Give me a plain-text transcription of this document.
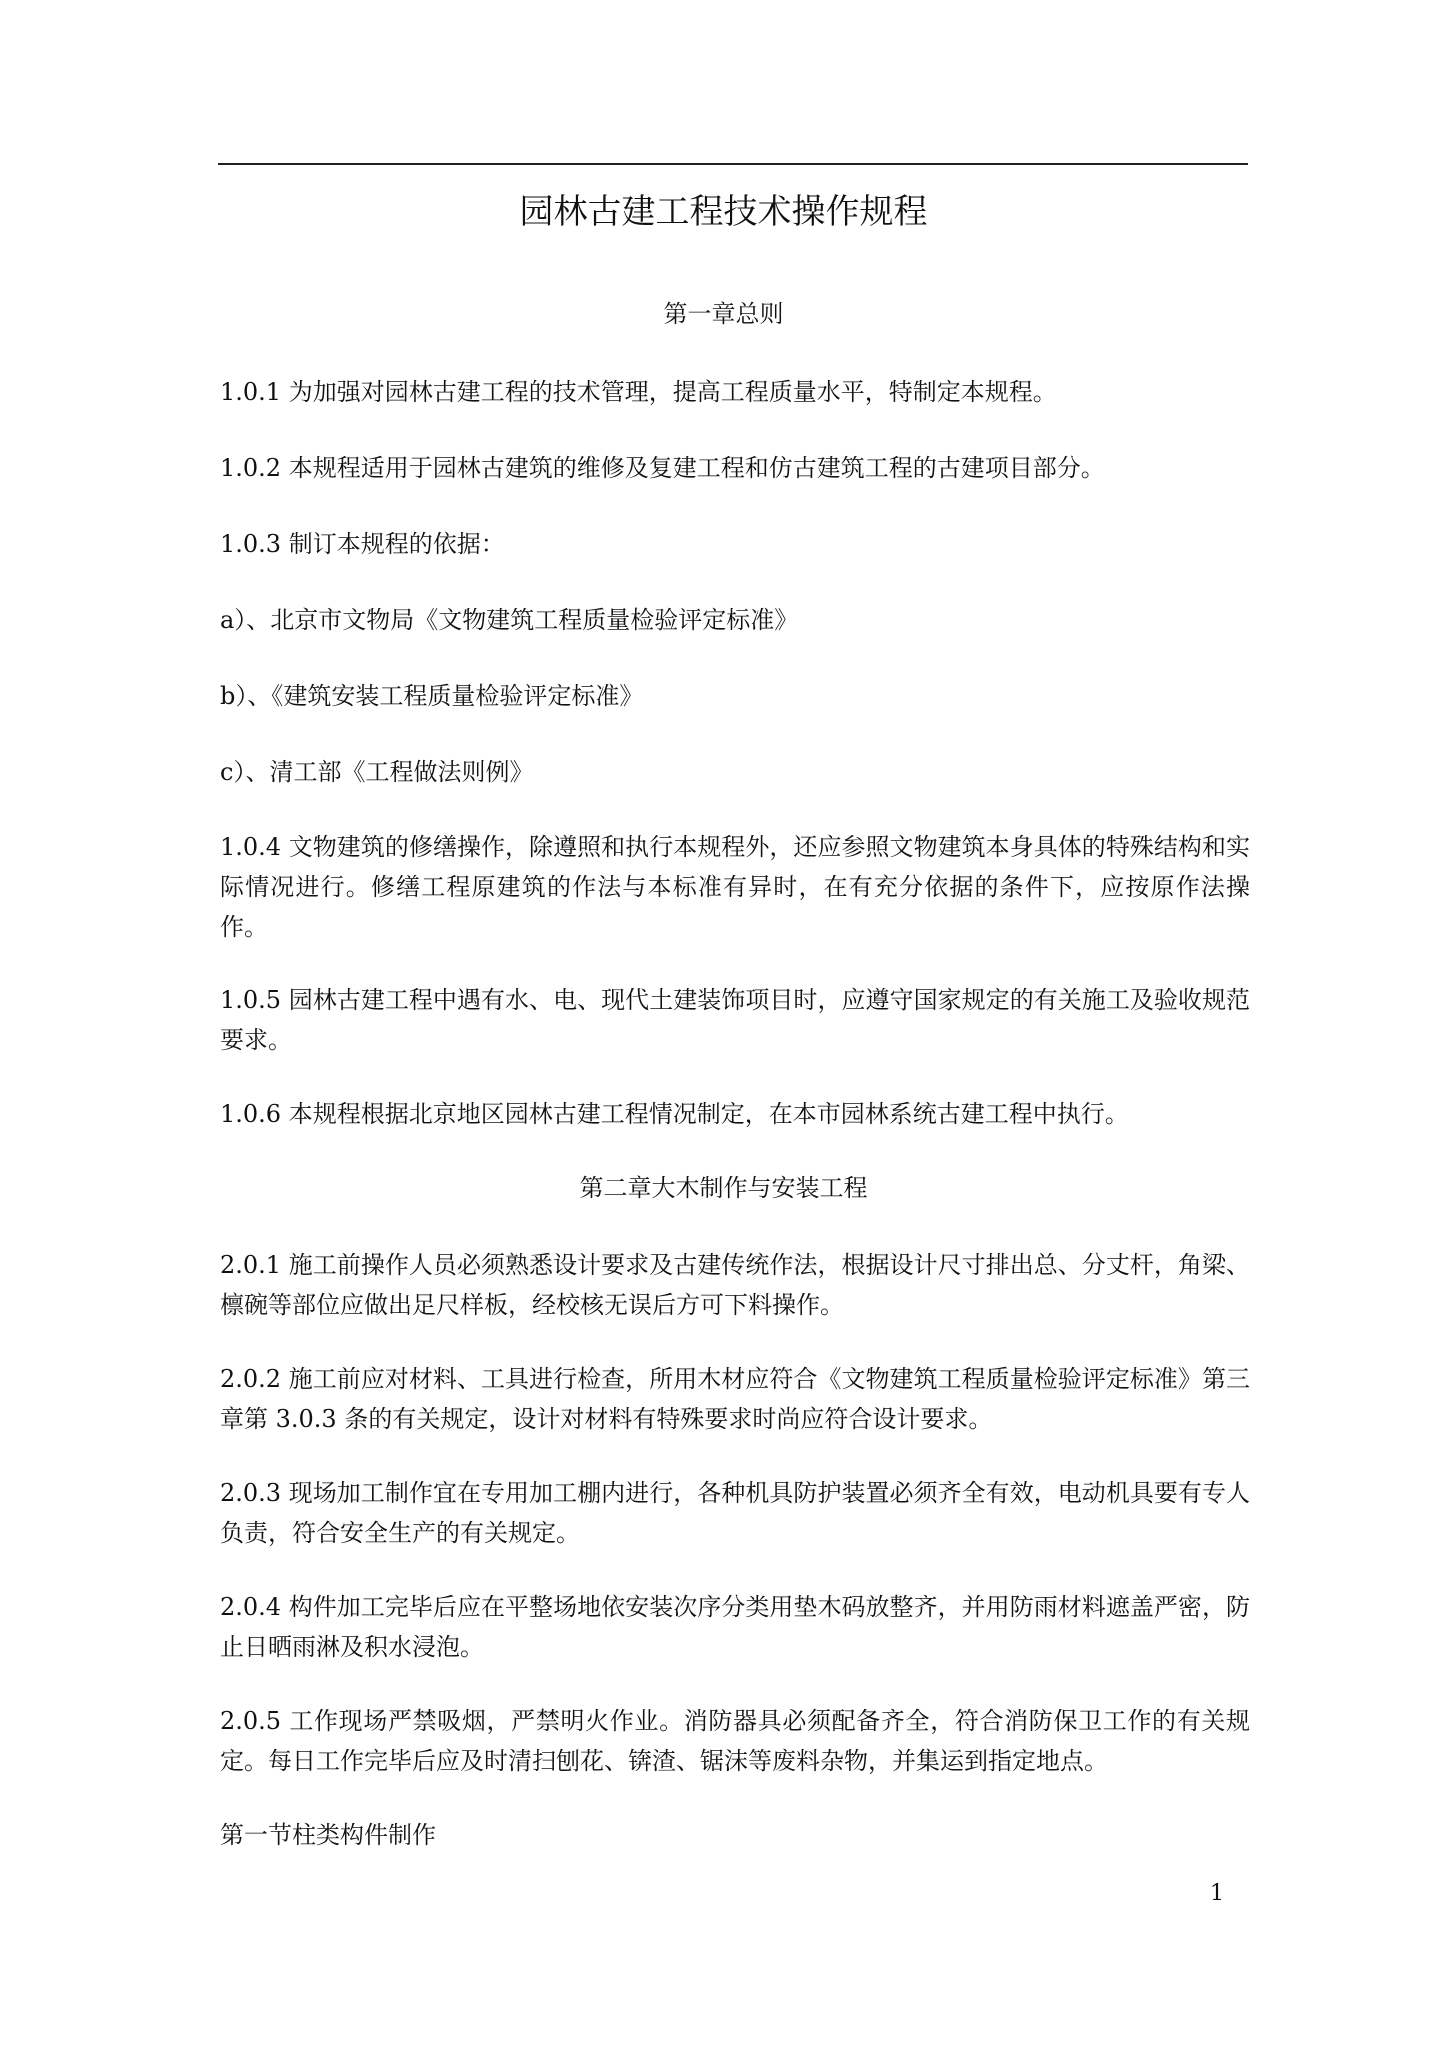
园林古建工程技术操作规程
第一章总则
1.0.1 为加强对园林古建工程的技术管理，提高工程质量水平，特制定本规程。
1.0.2 本规程适用于园林古建筑的维修及复建工程和仿古建筑工程的古建项目部分。
1.0.3 制订本规程的依据：
a）、北京市文物局《文物建筑工程质量检验评定标准》
b）、《建筑安装工程质量检验评定标准》
c）、清工部《工程做法则例》
1.0.4 文物建筑的修缮操作，除遵照和执行本规程外，还应参照文物建筑本身具体的特殊结构和实际情况进行。修缮工程原建筑的作法与本标准有异时，在有充分依据的条件下，应按原作法操作。
1.0.5 园林古建工程中遇有水、电、现代土建装饰项目时，应遵守国家规定的有关施工及验收规范要求。
1.0.6 本规程根据北京地区园林古建工程情况制定，在本市园林系统古建工程中执行。
第二章大木制作与安装工程
2.0.1 施工前操作人员必须熟悉设计要求及古建传统作法，根据设计尺寸排出总、分丈杆，角梁、檩碗等部位应做出足尺样板，经校核无误后方可下料操作。
2.0.2 施工前应对材料、工具进行检查，所用木材应符合《文物建筑工程质量检验评定标准》第三章第 3.0.3 条的有关规定，设计对材料有特殊要求时尚应符合设计要求。
2.0.3 现场加工制作宜在专用加工棚内进行，各种机具防护装置必须齐全有效，电动机具要有专人负责，符合安全生产的有关规定。
2.0.4 构件加工完毕后应在平整场地依安装次序分类用垫木码放整齐，并用防雨材料遮盖严密，防止日晒雨淋及积水浸泡。
2.0.5 工作现场严禁吸烟，严禁明火作业。消防器具必须配备齐全，符合消防保卫工作的有关规定。每日工作完毕后应及时清扫刨花、锛渣、锯沫等废料杂物，并集运到指定地点。
第一节柱类构件制作
1
